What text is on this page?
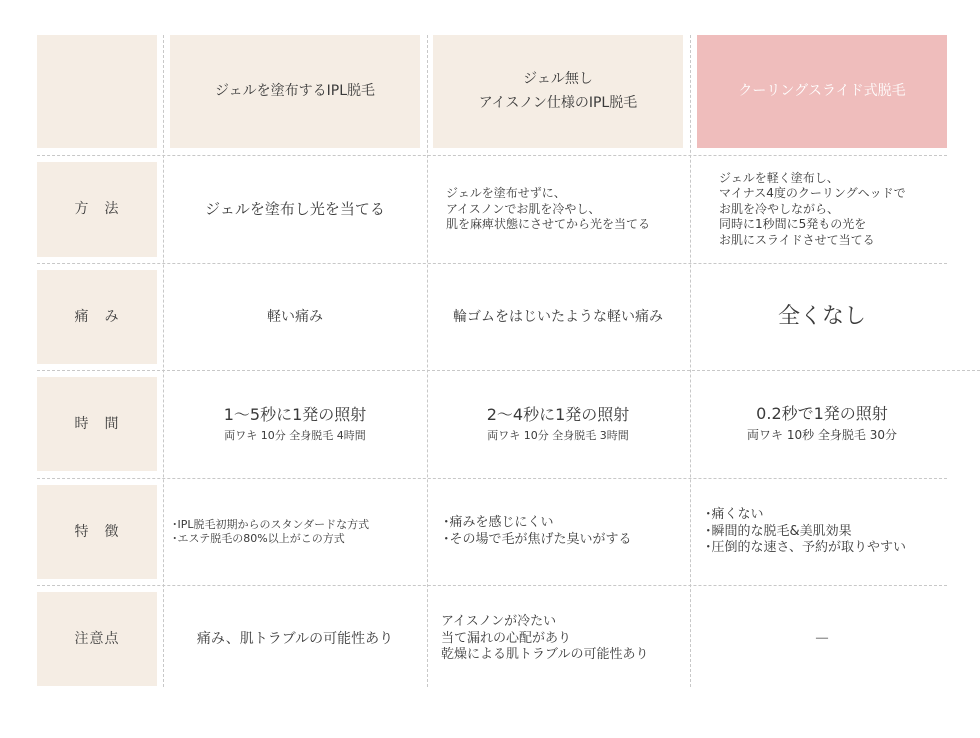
ジェルを塗布するIPL脱毛
ジェル無し
アイスノン仕様のIPL脱毛
クーリングスライド式脱毛
方　法
痛　み
時　間
特　徴
注意点
ジェルを塗布し光を当てる
ジェルを塗布せずに、
アイスノンでお肌を冷やし、
肌を麻痺状態にさせてから光を当てる
ジェルを軽く塗布し、
マイナス4度のクーリングヘッドで
お肌を冷やしながら、
同時に1秒間に5発もの光を
お肌にスライドさせて当てる
軽い痛み	輪ゴムをはじいたような軽い痛み	全くなし
1～5秒に1発の照射
両ワキ 10分 全身脱毛 4時間
2～4秒に1発の照射
両ワキ 10分 全身脱毛 3時間
0.2秒で1発の照射
両ワキ 10秒 全身脱毛 30分
･IPL脱毛初期からのスタンダードな方式
･エステ脱毛の80%以上がこの方式
･痛みを感じにくい
･その場で毛が焦げた臭いがする
･痛くない
･瞬間的な脱毛&美肌効果
･圧倒的な速さ、予約が取りやすい
痛み、肌トラブルの可能性あり
アイスノンが冷たい
当て漏れの心配があり
乾燥による肌トラブルの可能性あり
－
